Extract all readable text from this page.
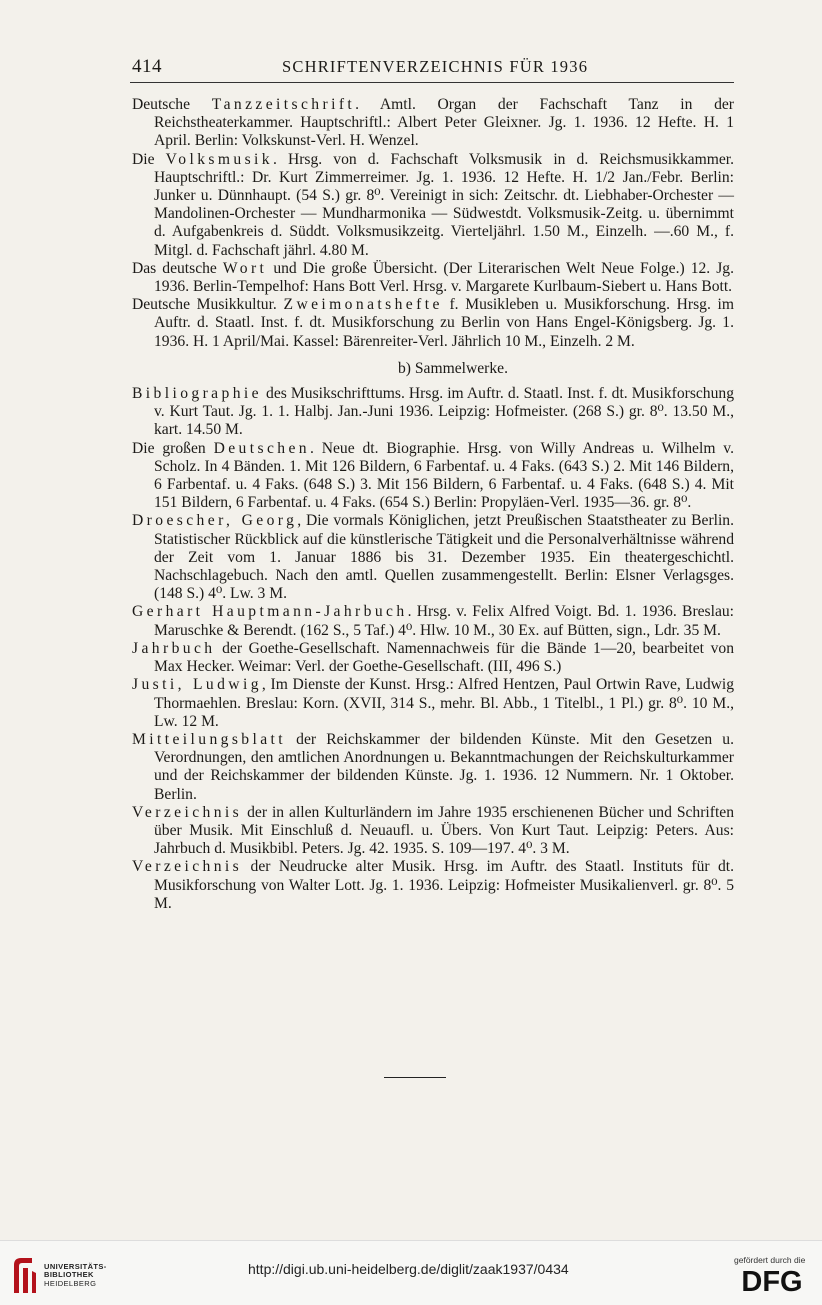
414	SCHRIFTENVERZEICHNIS FÜR 1936

Deutsche Tanzzeitschrift. Amtl. Organ der Fachschaft Tanz in der Reichstheaterkammer. Hauptschriftl.: Albert Peter Gleixner. Jg. 1. 1936. 12 Hefte. H. 1 April. Berlin: Volkskunst-Verl. H. Wenzel.

Die Volksmusik. Hrsg. von d. Fachschaft Volksmusik in d. Reichsmusikkammer. Hauptschriftl.: Dr. Kurt Zimmerreimer. Jg. 1. 1936. 12 Hefte. H. 1/2 Jan./Febr. Berlin: Junker u. Dünnhaupt. (54 S.) gr. 8⁰. Vereinigt in sich: Zeitschr. dt. Liebhaber-Orchester — Mandolinen-Orchester — Mundharmonika — Südwestdt. Volksmusik-Zeitg. u. übernimmt d. Aufgabenkreis d. Süddt. Volksmusikzeitg. Vierteljährl. 1.50 M., Einzelh. —.60 M., f. Mitgl. d. Fachschaft jährl. 4.80 M.

Das deutsche Wort und Die große Übersicht. (Der Literarischen Welt Neue Folge.) 12. Jg. 1936. Berlin-Tempelhof: Hans Bott Verl. Hrsg. v. Margarete Kurlbaum-Siebert u. Hans Bott.

Deutsche Musikkultur. Zweimonatshefte f. Musikleben u. Musikforschung. Hrsg. im Auftr. d. Staatl. Inst. f. dt. Musikforschung zu Berlin von Hans Engel-Königsberg. Jg. 1. 1936. H. 1 April/Mai. Kassel: Bärenreiter-Verl. Jährlich 10 M., Einzelh. 2 M.

b) Sammelwerke.

Bibliographie des Musikschrifttums. Hrsg. im Auftr. d. Staatl. Inst. f. dt. Musikforschung v. Kurt Taut. Jg. 1. 1. Halbj. Jan.-Juni 1936. Leipzig: Hofmeister. (268 S.) gr. 8⁰. 13.50 M., kart. 14.50 M.

Die großen Deutschen. Neue dt. Biographie. Hrsg. von Willy Andreas u. Wilhelm v. Scholz. In 4 Bänden. 1. Mit 126 Bildern, 6 Farbentaf. u. 4 Faks. (643 S.) 2. Mit 146 Bildern, 6 Farbentaf. u. 4 Faks. (648 S.) 3. Mit 156 Bildern, 6 Farbentaf. u. 4 Faks. (648 S.) 4. Mit 151 Bildern, 6 Farbentaf. u. 4 Faks. (654 S.) Berlin: Propyläen-Verl. 1935—36. gr. 8⁰.

Droescher, Georg, Die vormals Königlichen, jetzt Preußischen Staatstheater zu Berlin. Statistischer Rückblick auf die künstlerische Tätigkeit und die Personalverhältnisse während der Zeit vom 1. Januar 1886 bis 31. Dezember 1935. Ein theatergeschichtl. Nachschlagebuch. Nach den amtl. Quellen zusammengestellt. Berlin: Elsner Verlagsges. (148 S.) 4⁰. Lw. 3 M.

Gerhart Hauptmann-Jahrbuch. Hrsg. v. Felix Alfred Voigt. Bd. 1. 1936. Breslau: Maruschke & Berendt. (162 S., 5 Taf.) 4⁰. Hlw. 10 M., 30 Ex. auf Bütten, sign., Ldr. 35 M.

Jahrbuch der Goethe-Gesellschaft. Namennachweis für die Bände 1—20, bearbeitet von Max Hecker. Weimar: Verl. der Goethe-Gesellschaft. (III, 496 S.)

Justi, Ludwig, Im Dienste der Kunst. Hrsg.: Alfred Hentzen, Paul Ortwin Rave, Ludwig Thormaehlen. Breslau: Korn. (XVII, 314 S., mehr. Bl. Abb., 1 Titelbl., 1 Pl.) gr. 8⁰. 10 M., Lw. 12 M.

Mitteilungsblatt der Reichskammer der bildenden Künste. Mit den Gesetzen u. Verordnungen, den amtlichen Anordnungen u. Bekanntmachungen der Reichskulturkammer und der Reichskammer der bildenden Künste. Jg. 1. 1936. 12 Nummern. Nr. 1 Oktober. Berlin.

Verzeichnis der in allen Kulturländern im Jahre 1935 erschienenen Bücher und Schriften über Musik. Mit Einschluß d. Neuaufl. u. Übers. Von Kurt Taut. Leipzig: Peters. Aus: Jahrbuch d. Musikbibl. Peters. Jg. 42. 1935. S. 109—197. 4⁰. 3 M.

Verzeichnis der Neudrucke alter Musik. Hrsg. im Auftr. des Staatl. Instituts für dt. Musikforschung von Walter Lott. Jg. 1. 1936. Leipzig: Hofmeister Musikalienverl. gr. 8⁰. 5 M.

UNIVERSITÄTS-
BIBLIOTHEK
HEIDELBERG
http://digi.ub.uni-heidelberg.de/diglit/zaak1937/0434
gefördert durch die
DFG
